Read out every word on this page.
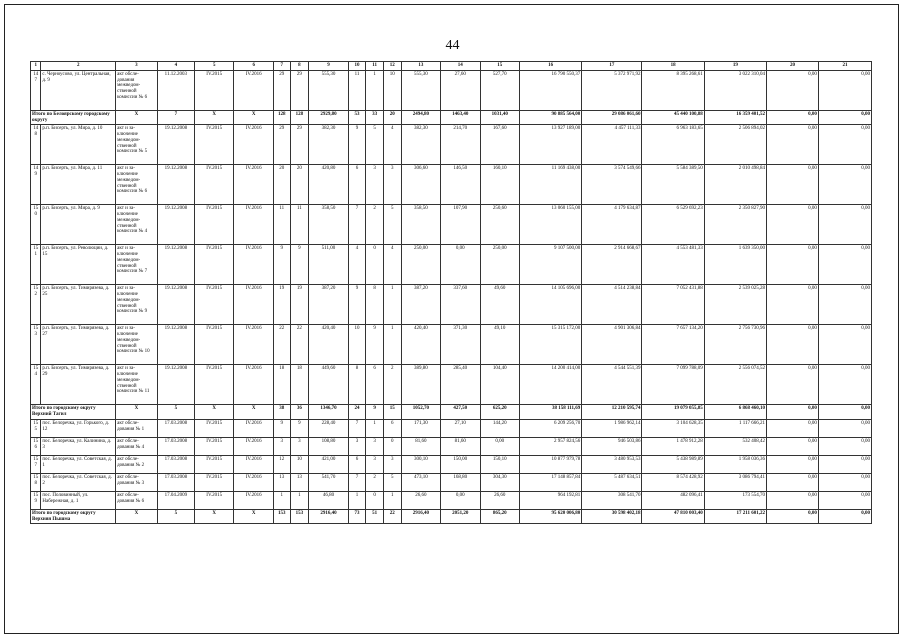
44
1	2	3	4	5	6	7	8	9	10	11	12	13	14	15	16	17	18	19	20	21
147	с. Черноусово, ул. Центральная, д. 9	акт обсле-дования межведом-ственной комиссии № 6	11.12.2003	IV.2015	IV.2016	29	29	555,30	11	1	10	555,30	27,60	527,70	16 790 550,37	5 372 971,92	8 395 268,61	3 022 310,04	0,00	0,00
Итого по Белоярскому городскому округу		X	7	X	X	128	128	2929,80	53	33	20	2494,80	1463,40	1031,40	90 885 564,00	29 086 061,60	45 440 100,88	16 359 401,52	0,00	0,00
148	р.п. Бисерть, ул. Мира, д. 10	акт и за-ключение межведом-ственной комиссии № 5	19.12.2008	IV.2015	IV.2016	29	29	382,30	9	5	4	382,30	214,70	167,60	13 927 189,00	4 457 111,33	6 963 183,65	2 506 894,02	0,00	0,00
149	р.п. Бисерть, ул. Мира, д. 11	акт и за-ключение межведом-ственной комиссии № 6	19.12.2008	IV.2015	IV.2016	20	20	420,80	6	3	3	306,60	146,50	160,10	11 169 438,00	3 574 549,66	5 584 389,50	2 010 498,84	0,00	0,00
150	р.п. Бисерть, ул. Мира, д. 9	акт и за-ключение межведом-ственной комиссии № 4	19.12.2008	IV.2015	IV.2016	11	11	358,50	7	2	5	358,50	107,90	250,60	13 060 155,00	4 179 634,87	6 529 692,23	2 350 827,90	0,00	0,00
151	р.п. Бисерть, ул. Революции, д. 15	акт и за-ключение межведом-ственной комиссии № 7	19.12.2008	IV.2015	IV.2016	9	9	511,00	4	0	4	250,00	0,00	250,00	9 107 500,00	2 914 668,67	4 553 481,33	1 639 350,00	0,00	0,00
152	р.п. Бисерть, ул. Тимирязева, д. 25	акт и за-ключение межведом-ственной комиссии № 9	19.12.2008	IV.2015	IV.2016	19	19	387,20	9	8	1	387,20	337,60	49,60	14 105 696,00	4 514 238,84	7 052 431,88	2 539 025,28	0,00	0,00
153	р.п. Бисерть, ул. Тимирязева, д. 27	акт и за-ключение межведом-ственной комиссии № 10	19.12.2008	IV.2015	IV.2016	22	22	420,40	10	9	1	420,40	371,30	49,10	15 315 172,00	4 901 306,84	7 657 134,20	2 756 730,96	0,00	0,00
154	р.п. Бисерть, ул. Тимирязева, д. 29	акт и за-ключение межведом-ственной комиссии № 11	19.12.2008	IV.2015	IV.2016	18	18	449,60	8	6	2	389,80	285,40	104,40	14 200 414,00	4 544 551,39	7 099 788,09	2 556 074,52	0,00	0,00
Итого по городскому округу Верхний Тагил		X	5	X	X	38	36	1346,70	24	9	15	1052,70	427,50	625,20	38 158 111,69	12 210 595,74	19 079 055,85	6 868 460,10	0,00	0,00
155	пос. Белоречка, ул. Горького, д. 12	акт обсле-дования № 1	17.03.2008	IV.2015	IV.2016	9	9	228,40	7	1	6	171,30	27,10	144,20	6 209 256,70	1 986 962,14	3 104 628,35	1 117 666,21	0,00	0,00
156	пос. Белоречка, ул. Калинина, д. 3	акт обсле-дования № 4	17.03.2008	IV.2015	IV.2016	3	3	108,80	3	3	0	81,60	81,60	0,00	2 957 824,56	946 503,86	1 478 912,28	532 408,42	0,00	0,00
157	пос. Белоречка, ул. Советская, д. 1	акт обсле-дования № 2	17.03.2008	IV.2015	IV.2016	12	10	421,00	6	3	3	300,10	150,00	150,10	10 877 979,78	3 480 953,53	5 438 989,89	1 958 036,36	0,00	0,00
158	пос. Белоречка, ул. Советская, д. 2	акт обсле-дования № 3	17.03.2008	IV.2015	IV.2016	13	13	541,70	7	2	5	473,10	168,80	304,30	17 148 857,84	5 487 634,51	8 574 428,92	3 086 794,41	0,00	0,00
159	пос. Половинный, ул. Набережная, д. 1	акт обсле-дования № 6	17.04.2009	IV.2015	IV.2016	1	1	46,80	1	0	1	26,60	0,00	26,60	964 192,81	308 541,70	482 096,41	173 554,70	0,00	0,00
Итого по городскому округу Верхняя Пышма		X	5	X	X	153	153	2916,40	73	51	22	2916,40	2051,20	865,20	95 620 006,80	30 598 402,18	47 810 003,40	17 211 601,22	0,00	0,00
